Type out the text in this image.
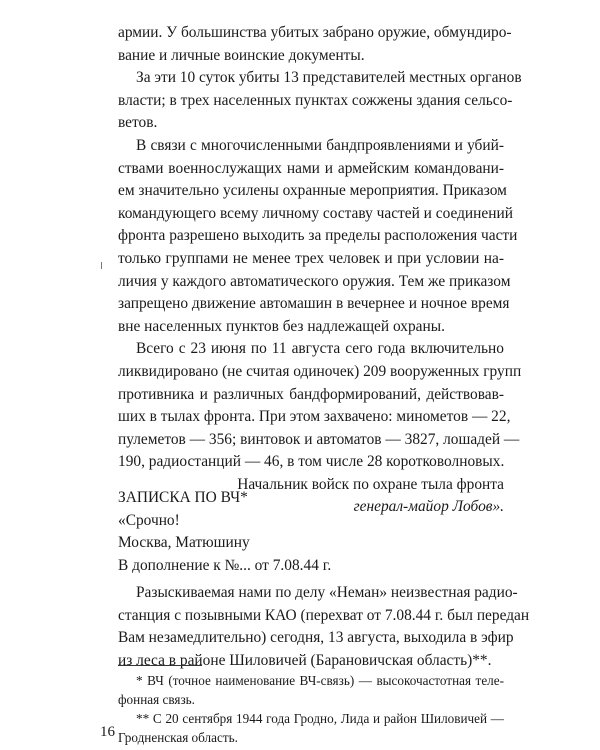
армии. У большинства убитых забрано оружие, обмундиро-
вание и личные воинские документы.
За эти 10 суток убиты 13 представителей местных органов
власти; в трех населенных пунктах сожжены здания сельсо-
ветов.
В связи с многочисленными бандпроявлениями и убий-
ствами военнослужащих нами и армейским командовани-
ем значительно усилены охранные мероприятия. Приказом
командующего всему личному составу частей и соединений
фронта разрешено выходить за пределы расположения части
только группами не менее трех человек и при условии на-
личия у каждого автоматического оружия. Тем же приказом
запрещено движение автомашин в вечернее и ночное время
вне населенных пунктов без надлежащей охраны.
Всего с 23 июня по 11 августа сего года включительно
ликвидировано (не считая одиночек) 209 вооруженных групп
противника и различных бандформирований, действовав-
ших в тылах фронта. При этом захвачено: минометов — 22,
пулеметов — 356; винтовок и автоматов — 3827, лошадей —
190, радиостанций — 46, в том числе 28 коротковолновых.
Начальник войск по охране тыла фронта
генерал-майор Лобов».
ЗАПИСКА ПО ВЧ*
«Срочно!
Москва, Матюшину
В дополнение к №... от 7.08.44 г.
Разыскиваемая нами по делу «Неман» неизвестная радио-
станция с позывными КАО (перехват от 7.08.44 г. был передан
Вам незамедлительно) сегодня, 13 августа, выходила в эфир
из леса в районе Шиловичей (Барановичская область)**.
* ВЧ (точное наименование ВЧ-связь) — высокочастотная теле-
фонная связь.
** С 20 сентября 1944 года Гродно, Лида и район Шиловичей —
Гродненская область.
16
